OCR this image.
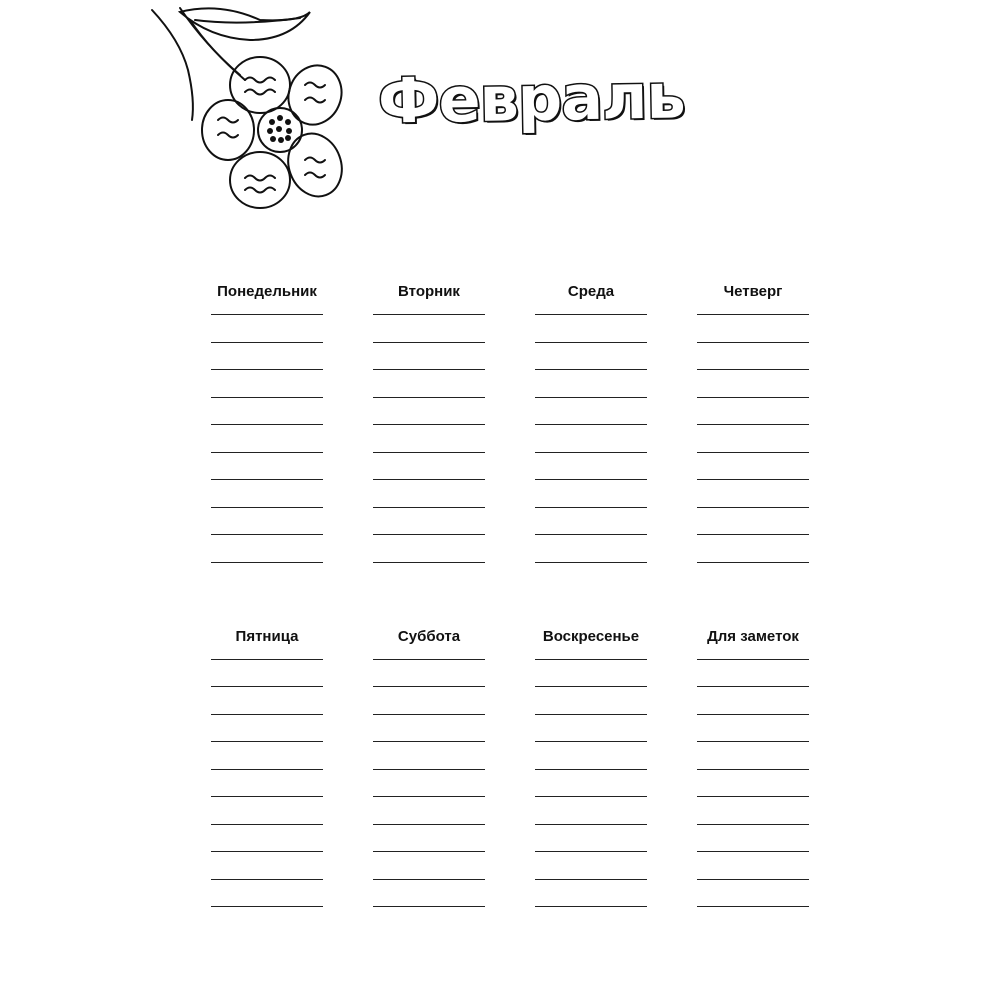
Февраль
Понедельник	Вторник	Среда	Четверг
Пятница	Суббота	Воскресенье	Для заметок
